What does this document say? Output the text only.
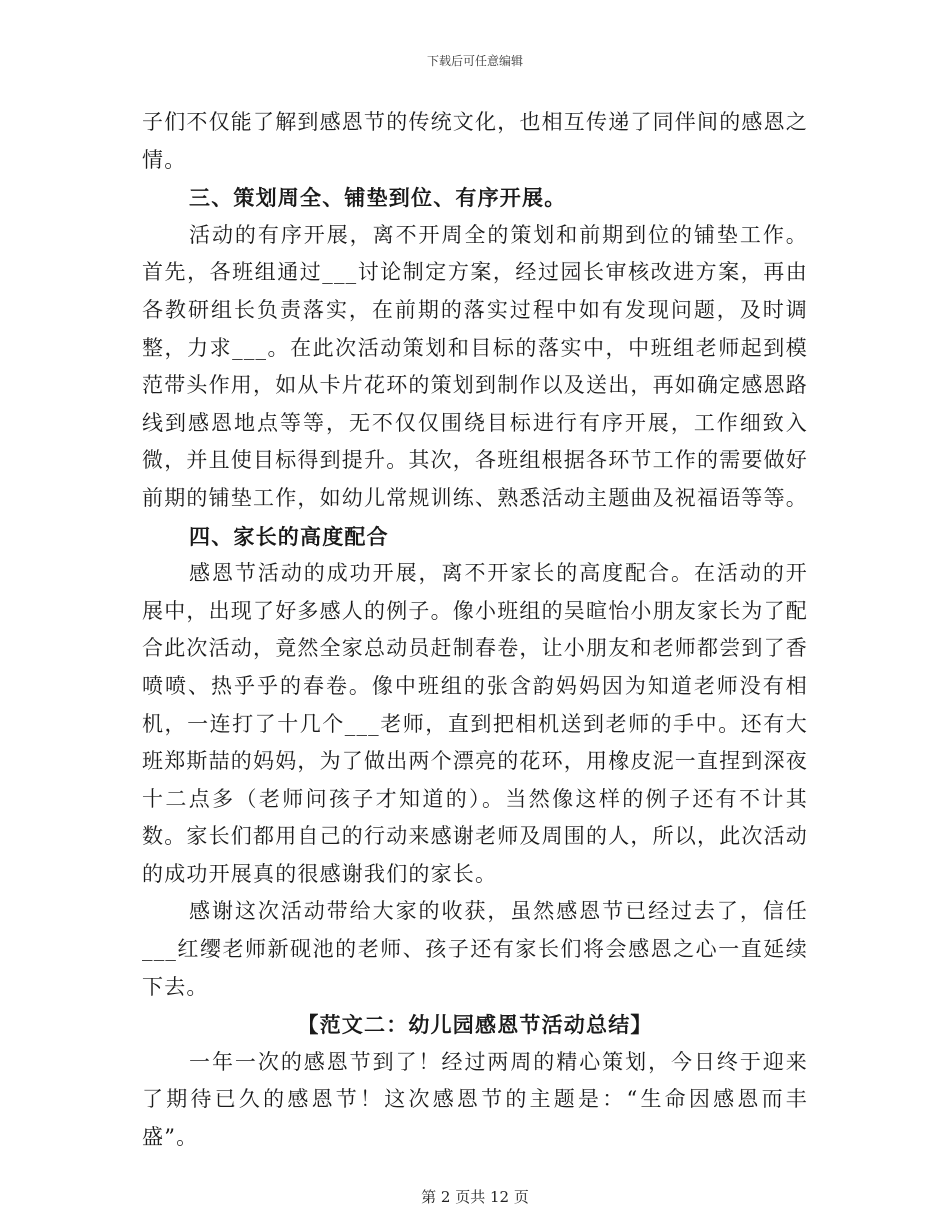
下载后可任意编辑

子们不仅能了解到感恩节的传统文化，也相互传递了同伴间的感恩之情。

三、策划周全、铺垫到位、有序开展。

活动的有序开展，离不开周全的策划和前期到位的铺垫工作。首先，各班组通过___讨论制定方案，经过园长审核改进方案，再由各教研组长负责落实，在前期的落实过程中如有发现问题，及时调整，力求___。在此次活动策划和目标的落实中，中班组老师起到模范带头作用，如从卡片花环的策划到制作以及送出，再如确定感恩路线到感恩地点等等，无不仅仅围绕目标进行有序开展，工作细致入微，并且使目标得到提升。其次，各班组根据各环节工作的需要做好前期的铺垫工作，如幼儿常规训练、熟悉活动主题曲及祝福语等等。

四、家长的高度配合

感恩节活动的成功开展，离不开家长的高度配合。在活动的开展中，出现了好多感人的例子。像小班组的吴暄怡小朋友家长为了配合此次活动，竟然全家总动员赶制春卷，让小朋友和老师都尝到了香喷喷、热乎乎的春卷。像中班组的张含韵妈妈因为知道老师没有相机，一连打了十几个___老师，直到把相机送到老师的手中。还有大班郑斯喆的妈妈，为了做出两个漂亮的花环，用橡皮泥一直捏到深夜十二点多（老师问孩子才知道的）。当然像这样的例子还有不计其数。家长们都用自己的行动来感谢老师及周围的人，所以，此次活动的成功开展真的很感谢我们的家长。

感谢这次活动带给大家的收获，虽然感恩节已经过去了，信任___红缨老师新砚池的老师、孩子还有家长们将会感恩之心一直延续下去。

【范文二：幼儿园感恩节活动总结】

一年一次的感恩节到了！经过两周的精心策划，今日终于迎来了期待已久的感恩节！这次感恩节的主题是：“生命因感恩而丰盛”。

第 2 页共 12 页
